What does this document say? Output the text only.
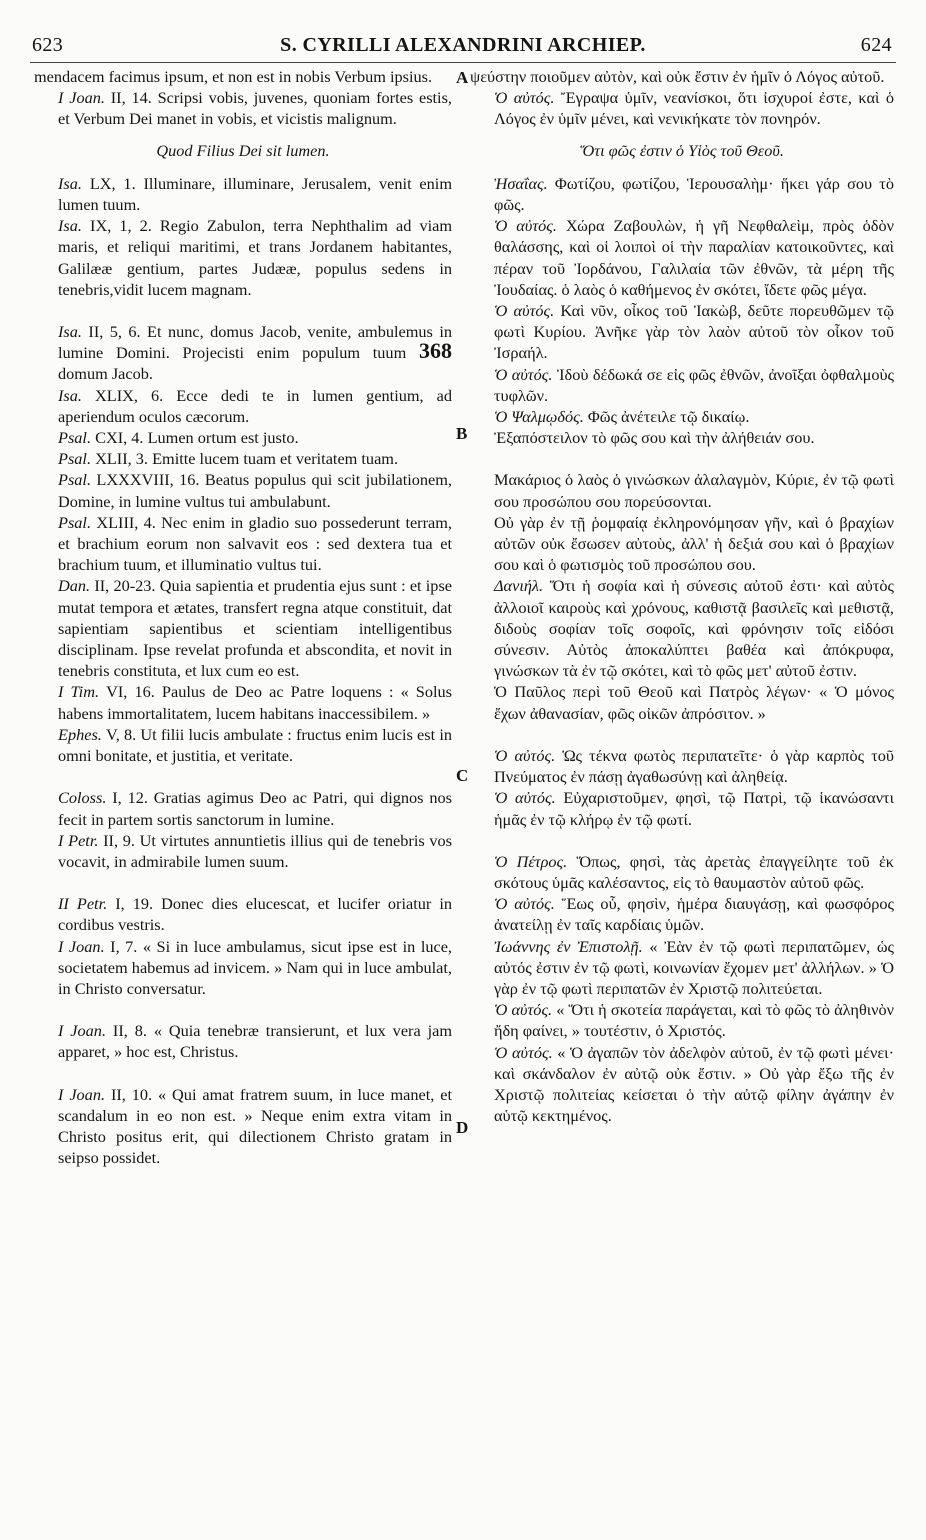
623	S. CYRILLI ALEXANDRINI ARCHIEP.	624
A
B
C
D

mendacem facimus ipsum, et non est in nobis Verbum ipsius.

I Joan. II, 14. Scripsi vobis, juvenes, quoniam fortes estis, et Verbum Dei manet in vobis, et vicistis malignum.

Quod Filius Dei sit lumen.

Isa. LX, 1. Illuminare, illuminare, Jerusalem, venit enim lumen tuum.

Isa. IX, 1, 2. Regio Zabulon, terra Nephthalim ad viam maris, et reliqui maritimi, et trans Jordanem habitantes, Galilææ gentium, partes Judææ, populus sedens in tenebris,vidit lucem magnam.

Isa. II, 5, 6. Et nunc, domus Jacob, venite, ambulemus in lumine Domini. Projecisti enim populum tuum 368 domum Jacob.

Isa. XLIX, 6. Ecce dedi te in lumen gentium, ad aperiendum oculos cæcorum.

Psal. CXI, 4. Lumen ortum est justo.

Psal. XLII, 3. Emitte lucem tuam et veritatem tuam.

Psal. LXXXVIII, 16. Beatus populus qui scit jubilationem, Domine, in lumine vultus tui ambulabunt.

Psal. XLIII, 4. Nec enim in gladio suo possederunt terram, et brachium eorum non salvavit eos : sed dextera tua et brachium tuum, et illuminatio vultus tui.

Dan. II, 20-23. Quia sapientia et prudentia ejus sunt : et ipse mutat tempora et ætates, transfert regna atque constituit, dat sapientiam sapientibus et scientiam intelligentibus disciplinam. Ipse revelat profunda et abscondita, et novit in tenebris constituta, et lux cum eo est.

I Tim. VI, 16. Paulus de Deo ac Patre loquens : « Solus habens immortalitatem, lucem habitans inaccessibilem. »

Ephes. V, 8. Ut filii lucis ambulate : fructus enim lucis est in omni bonitate, et justitia, et veritate.

Coloss. I, 12. Gratias agimus Deo ac Patri, qui dignos nos fecit in partem sortis sanctorum in lumine.

I Petr. II, 9. Ut virtutes annuntietis illius qui de tenebris vos vocavit, in admirabile lumen suum.

II Petr. I, 19. Donec dies elucescat, et lucifer oriatur in cordibus vestris.

I Joan. I, 7. « Si in luce ambulamus, sicut ipse est in luce, societatem habemus ad invicem. » Nam qui in luce ambulat, in Christo conversatur.

I Joan. II, 8. « Quia tenebræ transierunt, et lux vera jam apparet, » hoc est, Christus.

I Joan. II, 10. « Qui amat fratrem suum, in luce manet, et scandalum in eo non est. » Neque enim extra vitam in Christo positus erit, qui dilectionem Christo gratam in seipso possidet.

ψεύστην ποιοῦμεν αὐτὸν, καὶ οὐκ ἔστιν ἐν ἡμῖν ὁ Λόγος αὐτοῦ.

Ὁ αὐτός. Ἔγραψα ὑμῖν, νεανίσκοι, ὅτι ἰσχυροί ἐστε, καὶ ὁ Λόγος ἐν ὑμῖν μένει, καὶ νενικήκατε τὸν πονηρόν.

Ὅτι φῶς ἐστιν ὁ Υἱὸς τοῦ Θεοῦ.

Ἡσαΐας. Φωτίζου, φωτίζου, Ἱερουσαλὴμ· ἥκει γάρ σου τὸ φῶς.

Ὁ αὐτός. Χώρα Ζαβουλὼν, ἡ γῆ Νεφθαλεὶμ, πρὸς ὁδὸν θαλάσσης, καὶ οἱ λοιποὶ οἱ τὴν παραλίαν κατοικοῦντες, καὶ πέραν τοῦ Ἰορδάνου, Γαλιλαία τῶν ἐθνῶν, τὰ μέρη τῆς Ἰουδαίας. ὁ λαὸς ὁ καθήμενος ἐν σκότει, ἴδετε φῶς μέγα.

Ὁ αὐτός. Καὶ νῦν, οἶκος τοῦ Ἰακὼβ, δεῦτε πορευθῶμεν τῷ φωτὶ Κυρίου. Ἀνῆκε γὰρ τὸν λαὸν αὐτοῦ τὸν οἶκον τοῦ Ἰσραήλ.

Ὁ αὐτός. Ἰδοὺ δέδωκά σε εἰς φῶς ἐθνῶν, ἀνοῖξαι ὀφθαλμοὺς τυφλῶν.

Ὁ Ψαλμῳδός. Φῶς ἀνέτειλε τῷ δικαίῳ.

Ἐξαπόστειλον τὸ φῶς σου καὶ τὴν ἀλήθειάν σου.

Μακάριος ὁ λαὸς ὁ γινώσκων ἀλαλαγμὸν, Κύριε, ἐν τῷ φωτὶ σου προσώπου σου πορεύσονται.

Οὐ γὰρ ἐν τῇ ῥομφαίᾳ ἐκληρονόμησαν γῆν, καὶ ὁ βραχίων αὐτῶν οὐκ ἔσωσεν αὐτοὺς, ἀλλ' ἡ δεξιά σου καὶ ὁ βραχίων σου καὶ ὁ φωτισμὸς τοῦ προσώπου σου.

Δανιήλ. Ὅτι ἡ σοφία καὶ ἡ σύνεσις αὐτοῦ ἐστι· καὶ αὐτὸς ἀλλοιοῖ καιροὺς καὶ χρόνους, καθιστᾷ βασιλεῖς καὶ μεθιστᾷ, διδοὺς σοφίαν τοῖς σοφοῖς, καὶ φρόνησιν τοῖς εἰδόσι σύνεσιν. Αὐτὸς ἀποκαλύπτει βαθέα καὶ ἀπόκρυφα, γινώσκων τὰ ἐν τῷ σκότει, καὶ τὸ φῶς μετ' αὐτοῦ ἐστιν.

Ὁ Παῦλος περὶ τοῦ Θεοῦ καὶ Πατρὸς λέγων· « Ὁ μόνος ἔχων ἀθανασίαν, φῶς οἰκῶν ἀπρόσιτον. »

Ὁ αὐτός. Ὡς τέκνα φωτὸς περιπατεῖτε· ὁ γὰρ καρπὸς τοῦ Πνεύματος ἐν πάσῃ ἀγαθωσύνῃ καὶ ἀληθείᾳ.

Ὁ αὐτός. Εὐχαριστοῦμεν, φησὶ, τῷ Πατρὶ, τῷ ἱκανώσαντι ἡμᾶς ἐν τῷ κλήρῳ ἐν τῷ φωτί.

Ὁ Πέτρος. Ὅπως, φησὶ, τὰς ἀρετὰς ἐπαγγείλητε τοῦ ἐκ σκότους ὑμᾶς καλέσαντος, εἰς τὸ θαυμαστὸν αὐτοῦ φῶς.

Ὁ αὐτός. Ἕως οὗ, φησὶν, ἡμέρα διαυγάσῃ, καὶ φωσφόρος ἀνατείλῃ ἐν ταῖς καρδίαις ὑμῶν.

Ἰωάννης ἐν Ἐπιστολῇ. « Ἐὰν ἐν τῷ φωτὶ περιπατῶμεν, ὡς αὐτός ἐστιν ἐν τῷ φωτὶ, κοινωνίαν ἔχομεν μετ' ἀλλήλων. » Ὁ γὰρ ἐν τῷ φωτὶ περιπατῶν ἐν Χριστῷ πολιτεύεται.

Ὁ αὐτός. « Ὅτι ἡ σκοτεία παράγεται, καὶ τὸ φῶς τὸ ἀληθινὸν ἤδη φαίνει, » τουτέστιν, ὁ Χριστός.

Ὁ αὐτός. « Ὁ ἀγαπῶν τὸν ἀδελφὸν αὐτοῦ, ἐν τῷ φωτὶ μένει· καὶ σκάνδαλον ἐν αὐτῷ οὐκ ἔστιν. » Οὐ γὰρ ἔξω τῆς ἐν Χριστῷ πολιτείας κείσεται ὁ τὴν αὐτῷ φίλην ἀγάπην ἐν αὑτῷ κεκτημένος.
